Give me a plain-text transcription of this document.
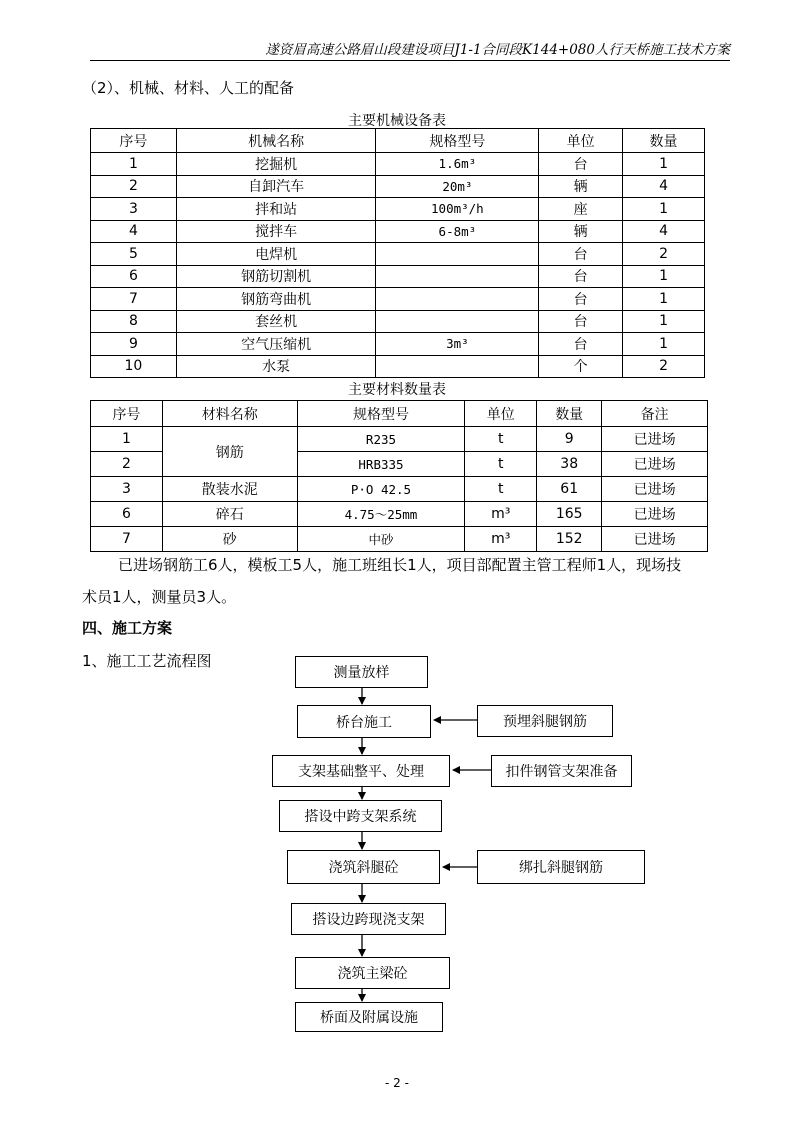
遂资眉高速公路眉山段建设项目J1-1合同段K144+080人行天桥施工技术方案
（2）、机械、材料、人工的配备
主要机械设备表
序号	机械名称	规格型号	单位	数量
1	挖掘机	1.6m³	台	1
2	自卸汽车	20m³	辆	4
3	拌和站	100m³/h	座	1
4	搅拌车	6-8m³	辆	4
5	电焊机		台	2
6	钢筋切割机		台	1
7	钢筋弯曲机		台	1
8	套丝机		台	1
9	空气压缩机	3m³	台	1
10	水泵		个	2
主要材料数量表
序号	材料名称	规格型号	单位	数量	备注
1	钢筋	R235	t	9	已进场
2		HRB335	t	38	已进场
3	散装水泥	P·O 42.5	t	61	已进场
6	碎石	4.75～25mm	m³	165	已进场
7	砂	中砂	m³	152	已进场
已进场钢筋工6人，模板工5人，施工班组长1人，项目部配置主管工程师1人，现场技
术员1人，测量员3人。
四、施工方案
1、施工工艺流程图
测量放样
桥台施工
支架基础整平、处理
搭设中跨支架系统
浇筑斜腿砼
搭设边跨现浇支架
浇筑主梁砼
桥面及附属设施
预埋斜腿钢筋
扣件钢管支架准备
绑扎斜腿钢筋
- 2 -
